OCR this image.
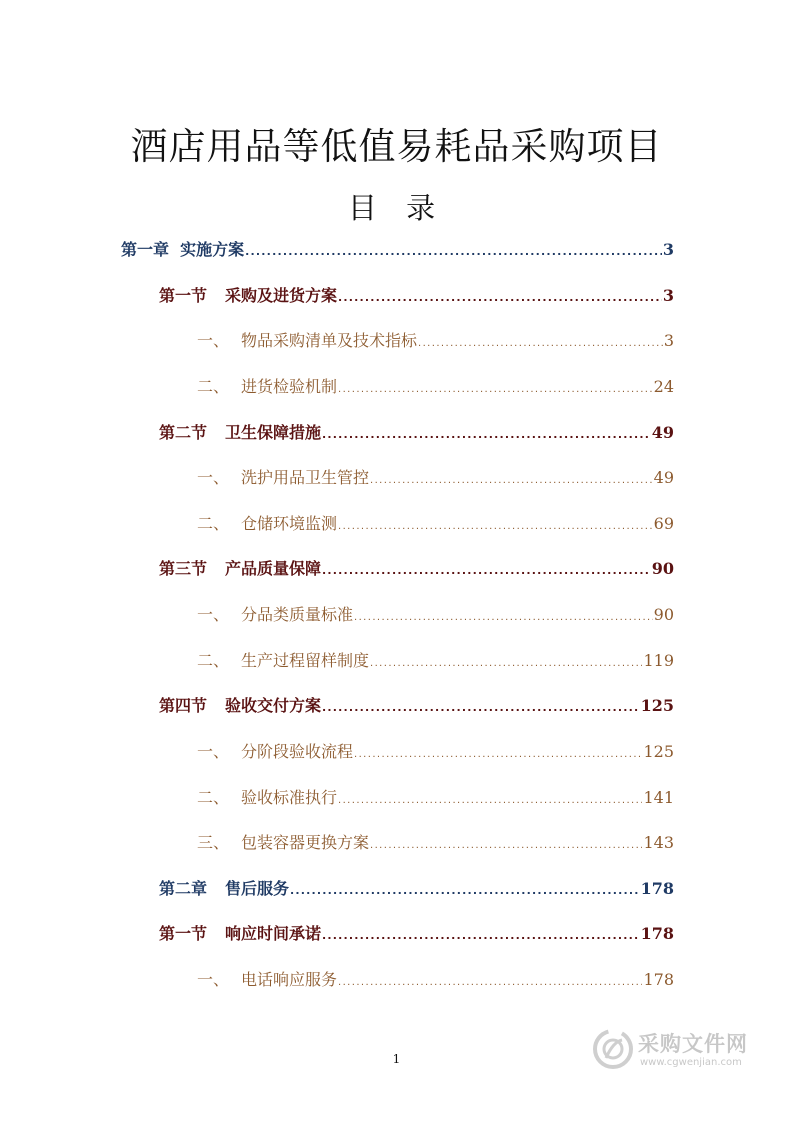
酒店用品等低值易耗品采购项目
目 录
第一章 实施方案 .....	3
第一节 采购及进货方案 .....	3
一、 物品采购清单及技术指标 .....	3
二、 进货检验机制 .....	24
第二节 卫生保障措施 .....	49
一、 洗护用品卫生管控 .....	49
二、 仓储环境监测 .....	69
第三节 产品质量保障 .....	90
一、 分品类质量标准 .....	90
二、 生产过程留样制度 .....	119
第四节 验收交付方案 .....	125
一、 分阶段验收流程 .....	125
二、 验收标准执行 .....	141
三、 包装容器更换方案 .....	143
第二章 售后服务 .....	178
第一节 响应时间承诺 .....	178
一、 电话响应服务 .....	178
1
采购文件网
www.cgwenjian.com
